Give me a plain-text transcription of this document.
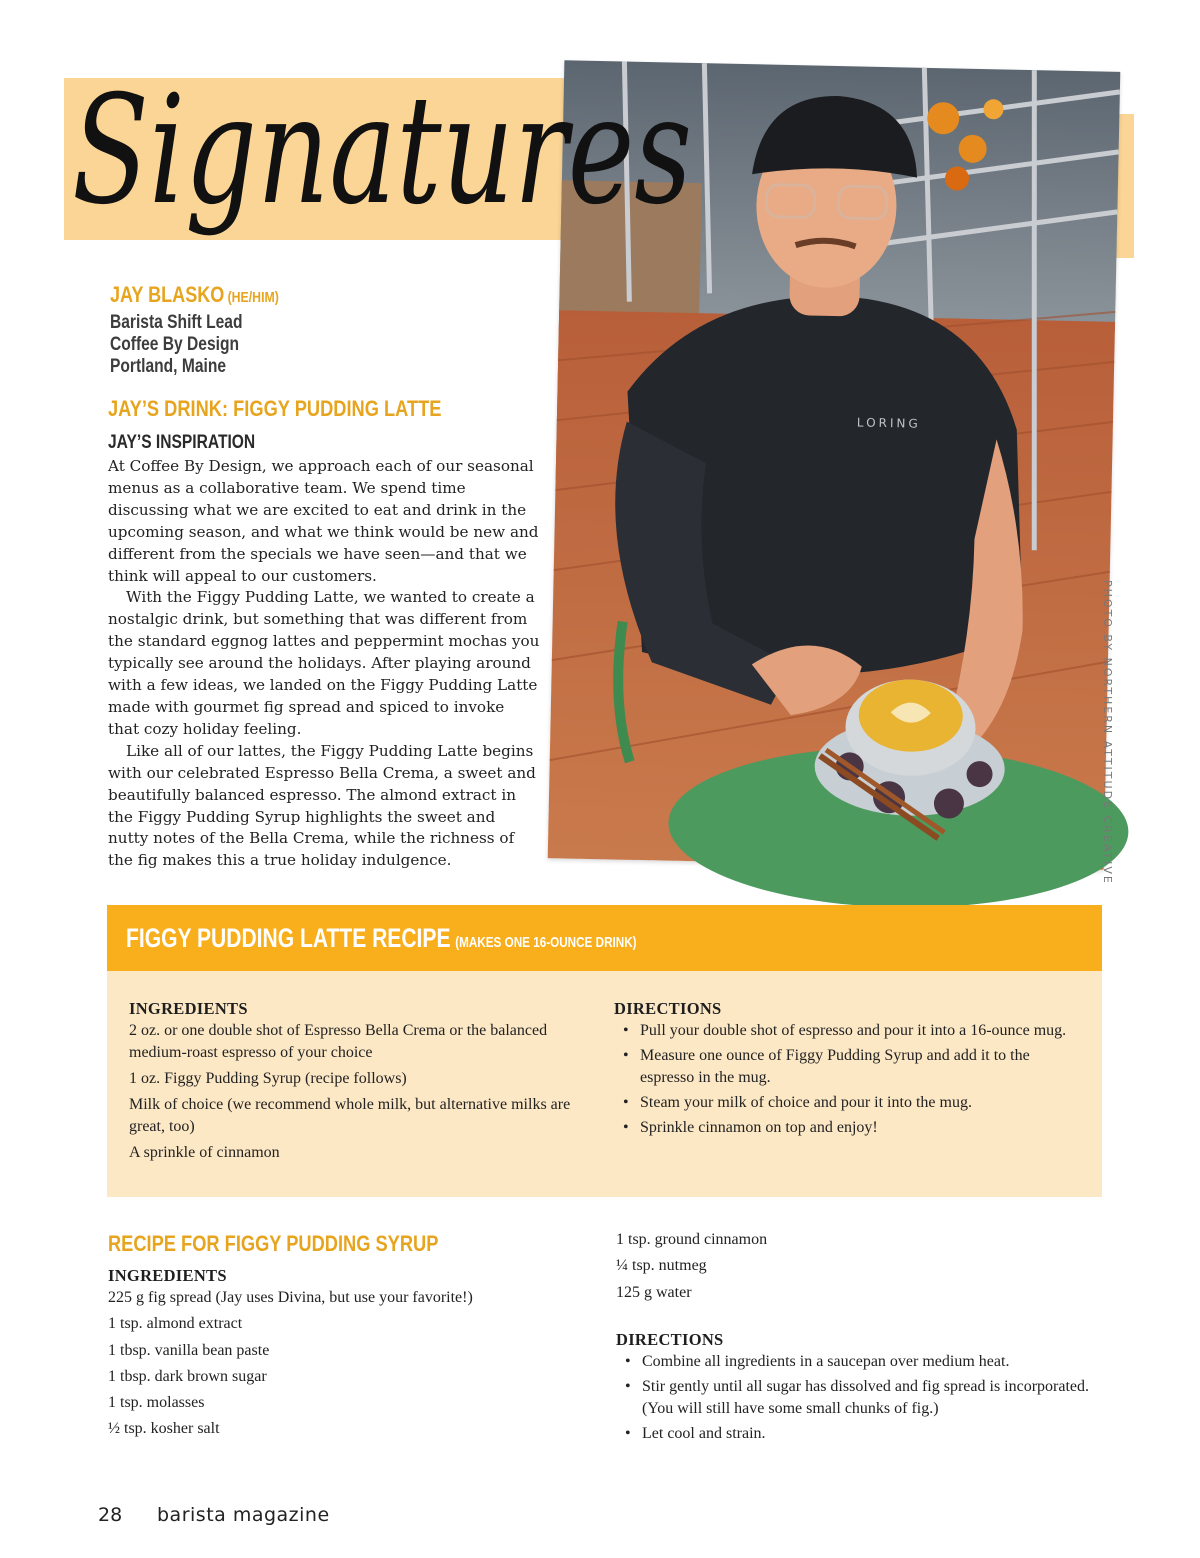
LORING
Signatures
PHOTO BY NORTHERN ATTITUDE CREATIVE
JAY BLASKO (HE/HIM)
Barista Shift Lead
Coffee By Design
Portland, Maine
JAY’S DRINK: FIGGY PUDDING LATTE
JAY’S INSPIRATION

At Coffee By Design, we approach each of our seasonal menus as a collaborative team. We spend time discussing what we are excited to eat and drink in the upcoming season, and what we think would be new and different from the specials we have seen—and that we think will appeal to our customers.

With the Figgy Pudding Latte, we wanted to create a nostalgic drink, but something that was different from the standard eggnog lattes and peppermint mochas you typically see around the holidays. After playing around with a few ideas, we landed on the Figgy Pudding Latte made with gourmet fig spread and spiced to invoke that cozy holiday feeling.

Like all of our lattes, the Figgy Pudding Latte begins with our celebrated Espresso Bella Crema, a sweet and beautifully balanced espresso. The almond extract in the Figgy Pudding Syrup highlights the sweet and nutty notes of the Bella Crema, while the richness of the fig makes this a true holiday indulgence.

FIGGY PUDDING LATTE RECIPE (MAKES ONE 16-OUNCE DRINK)
INGREDIENTS
2 oz. or one double shot of Espresso Bella Crema or the balanced medium-roast espresso of your choice
1 oz. Figgy Pudding Syrup (recipe follows)
Milk of choice (we recommend whole milk, but alternative milks are great, too)
A sprinkle of cinnamon
DIRECTIONS
• Pull your double shot of espresso and pour it into a 16-ounce mug.
• Measure one ounce of Figgy Pudding Syrup and add it to the espresso in the mug.
• Steam your milk of choice and pour it into the mug.
• Sprinkle cinnamon on top and enjoy!
RECIPE FOR FIGGY PUDDING SYRUP
INGREDIENTS
225 g fig spread (Jay uses Divina, but use your favorite!)
1 tsp. almond extract
1 tbsp. vanilla bean paste
1 tbsp. dark brown sugar
1 tsp. molasses
½ tsp. kosher salt
1 tsp. ground cinnamon
¼ tsp. nutmeg
125 g water
DIRECTIONS
• Combine all ingredients in a saucepan over medium heat.
• Stir gently until all sugar has dissolved and fig spread is incorporated. (You will still have some small chunks of fig.)
• Let cool and strain.
28 barista magazine
